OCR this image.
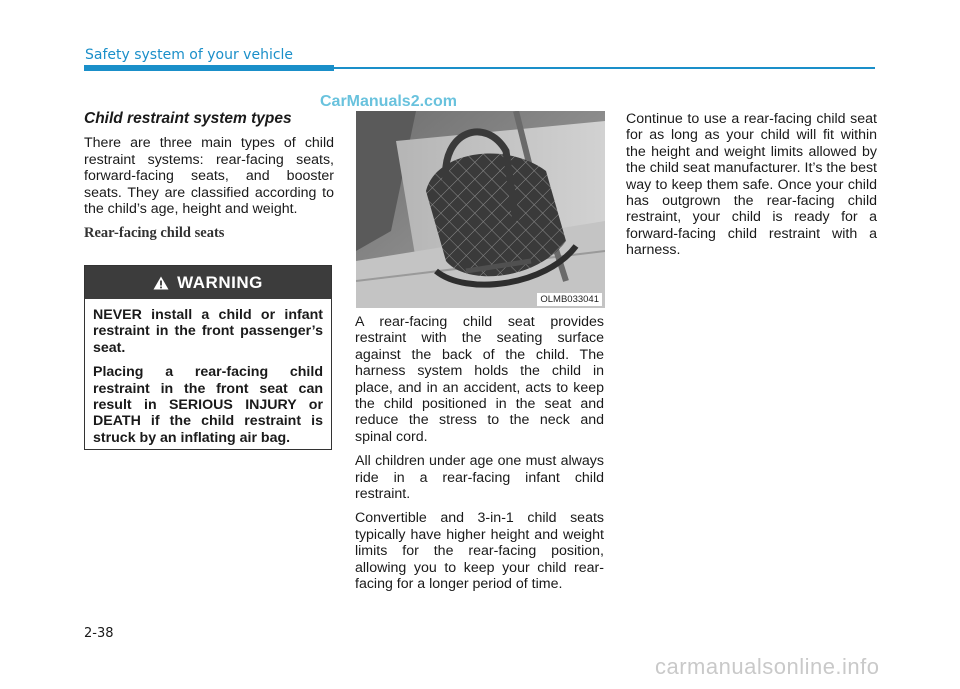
Safety system of your vehicle
CarManuals2.com

Child restraint system types

There are three main types of child restraint systems: rear-facing seats, forward-facing seats, and booster seats. They are classified according to the child’s age, height and weight.

Rear-facing child seats

WARNING

NEVER install a child or infant restraint in the front passenger’s seat.

Placing a rear-facing child restraint in the front seat can result in SERIOUS INJURY or DEATH if the child restraint is struck by an inflating air bag.

OLMB033041

A rear-facing child seat provides restraint with the seating surface against the back of the child. The harness system holds the child in place, and in an accident, acts to keep the child positioned in the seat and reduce the stress to the neck and spinal cord.

All children under age one must always ride in a rear-facing infant child restraint.

Convertible and 3-in-1 child seats typically have higher height and weight limits for the rear-facing position, allowing you to keep your child rear-facing for a longer period of time.

Continue to use a rear-facing child seat for as long as your child will fit within the height and weight limits allowed by the child seat manufacturer. It’s the best way to keep them safe. Once your child has outgrown the rear-facing child restraint, your child is ready for a forward-facing child restraint with a harness.

2-38
carmanualsonline.info
